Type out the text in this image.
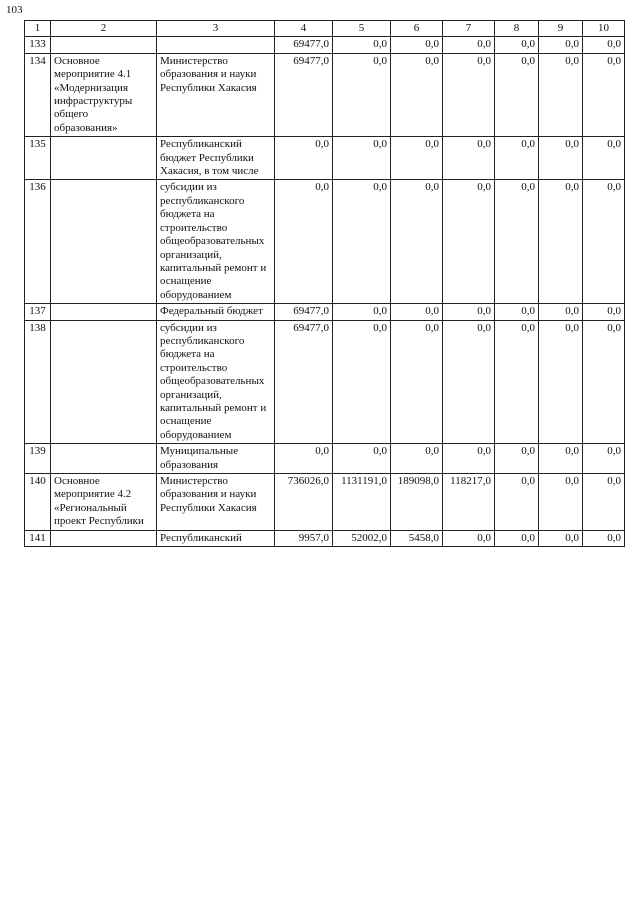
103
1	2	3	4	5	6	7	8	9	10
133			69477,0	0,0	0,0	0,0	0,0	0,0	0,0
134	Основное мероприятие 4.1 «Модернизация инфраструктуры общего образования»	Министерство образования и науки Республики Хакасия	69477,0	0,0	0,0	0,0	0,0	0,0	0,0
135		Республиканский бюджет Республики Хакасия, в том числе	0,0	0,0	0,0	0,0	0,0	0,0	0,0
136		субсидии из республиканского бюджета на строительство общеобразовательных организаций, капитальный ремонт и оснащение оборудованием	0,0	0,0	0,0	0,0	0,0	0,0	0,0
137		Федеральный бюджет	69477,0	0,0	0,0	0,0	0,0	0,0	0,0
138		субсидии из республиканского бюджета на строительство общеобразовательных организаций, капитальный ремонт и оснащение оборудованием	69477,0	0,0	0,0	0,0	0,0	0,0	0,0
139		Муниципальные образования	0,0	0,0	0,0	0,0	0,0	0,0	0,0
140	Основное мероприятие 4.2 «Региональный проект Республики	Министерство образования и науки Республики Хакасия	736026,0	1131191,0	189098,0	118217,0	0,0	0,0	0,0
141		Республиканский	9957,0	52002,0	5458,0	0,0	0,0	0,0	0,0
